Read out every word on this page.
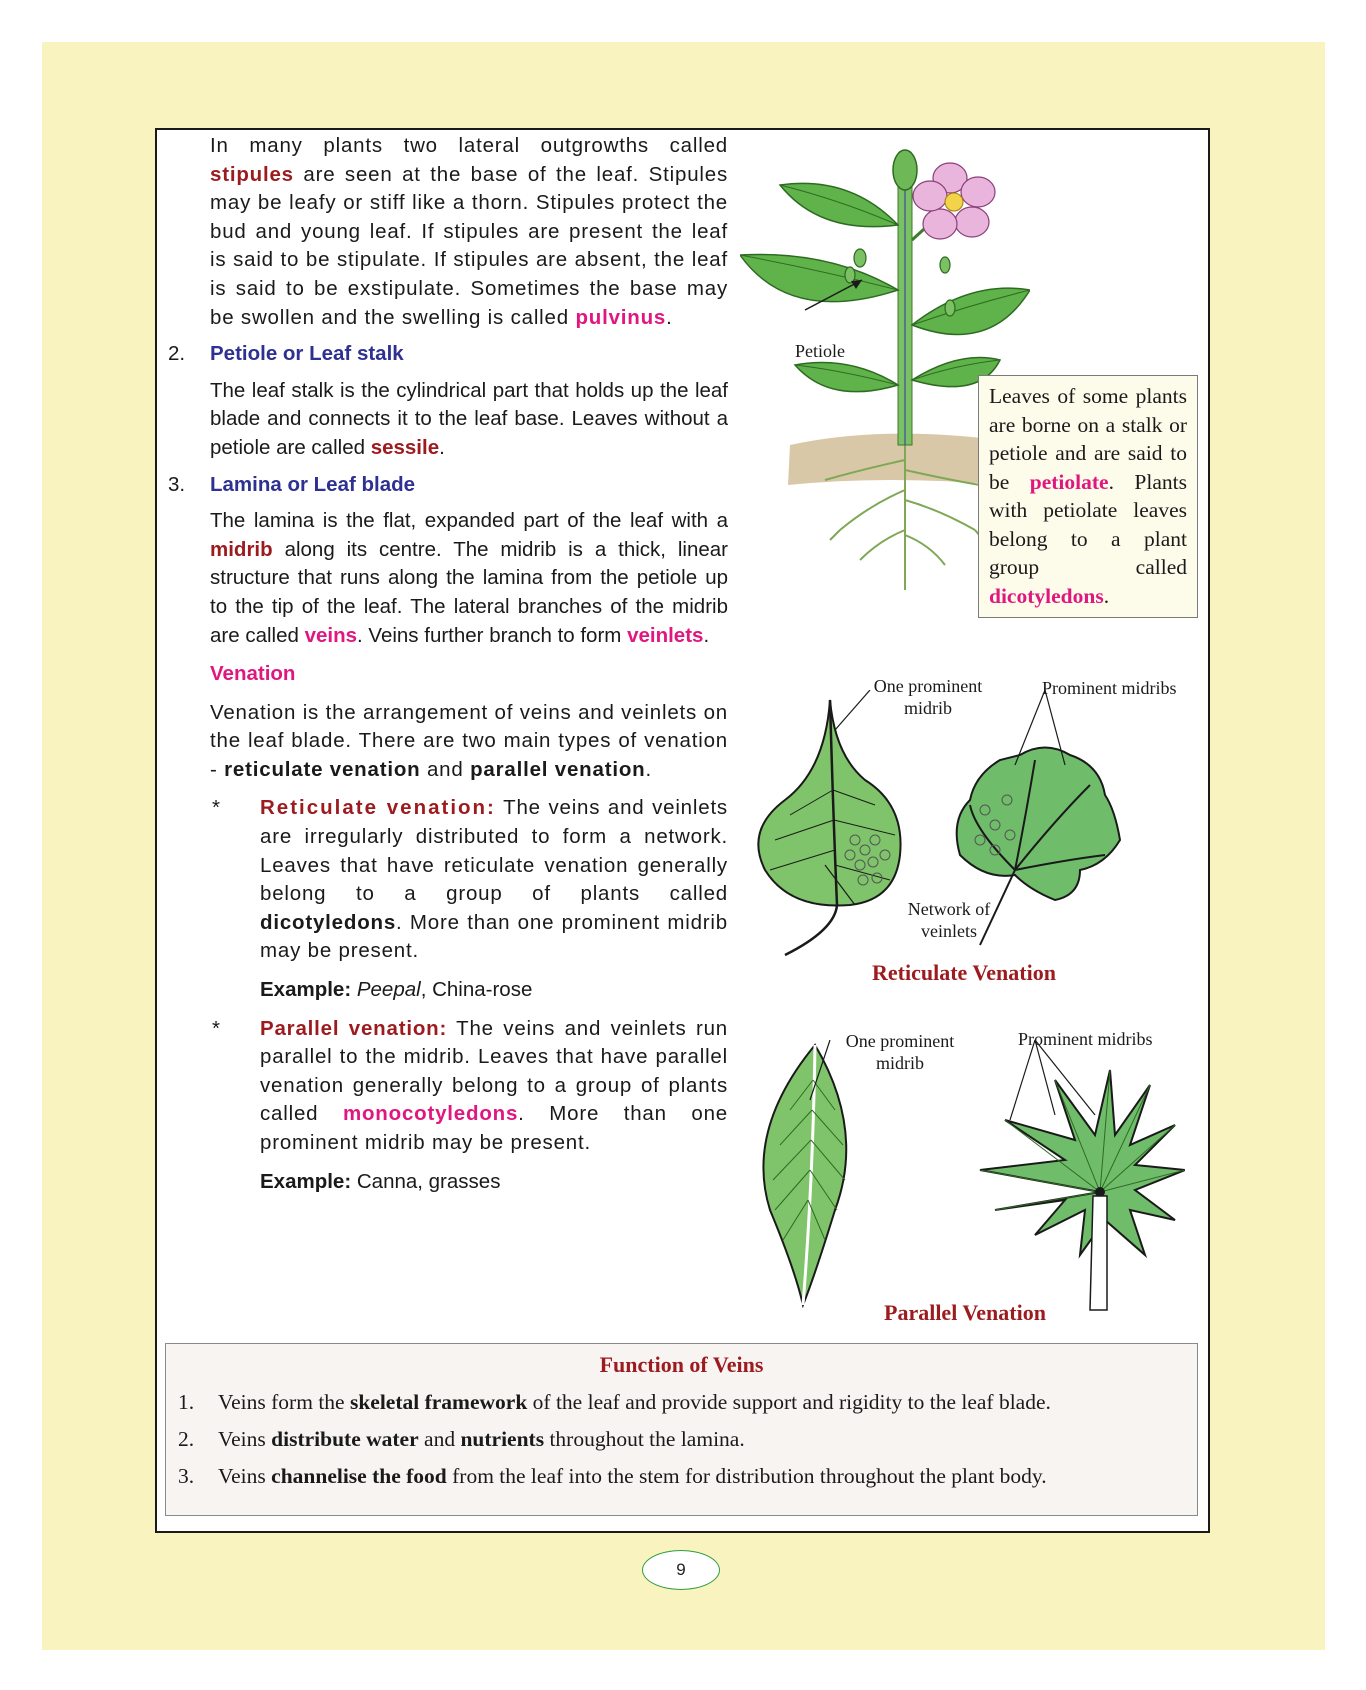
In many plants two lateral outgrowths called stipules are seen at the base of the leaf. Stipules may be leafy or stiff like a thorn. Stipules protect the bud and young leaf. If stipules are present the leaf is said to be stipulate. If stipules are absent, the leaf is said to be exstipulate. Sometimes the base may be swollen and the swelling is called pulvinus.
2.	Petiole or Leaf stalk
The leaf stalk is the cylindrical part that holds up the leaf blade and connects it to the leaf base. Leaves without a petiole are called sessile.
3.	Lamina or Leaf blade
The lamina is the flat, expanded part of the leaf with a midrib along its centre. The midrib is a thick, linear structure that runs along the lamina from the petiole up to the tip of the leaf. The lateral branches of the midrib are called veins. Veins further branch to form veinlets.
Venation
Venation is the arrangement of veins and veinlets on the leaf blade. There are two main types of venation - reticulate venation and parallel venation.
*	Reticulate venation: The veins and veinlets are irregularly distributed to form a network. Leaves that have reticulate venation generally belong to a group of plants called dicotyledons. More than one prominent midrib may be present.
Example: Peepal, China-rose
*	Parallel venation: The veins and veinlets run parallel to the midrib. Leaves that have parallel venation generally belong to a group of plants called monocotyledons. More than one prominent midrib may be present.
Example: Canna, grasses
Petiole
Leaves of some plants are borne on a stalk or petiole and are said to be petiolate. Plants with petiolate leaves belong to a plant group called dicotyledons.
One prominent midrib
Prominent midribs
Network of veinlets
Reticulate Venation
One prominent midrib
Prominent midribs
Parallel Venation
Function of Veins
1.	Veins form the skeletal framework of the leaf and provide support and rigidity to the leaf blade.
2.	Veins distribute water and nutrients throughout the lamina.
3.	Veins channelise the food from the leaf into the stem for distribution throughout the plant body.
9
